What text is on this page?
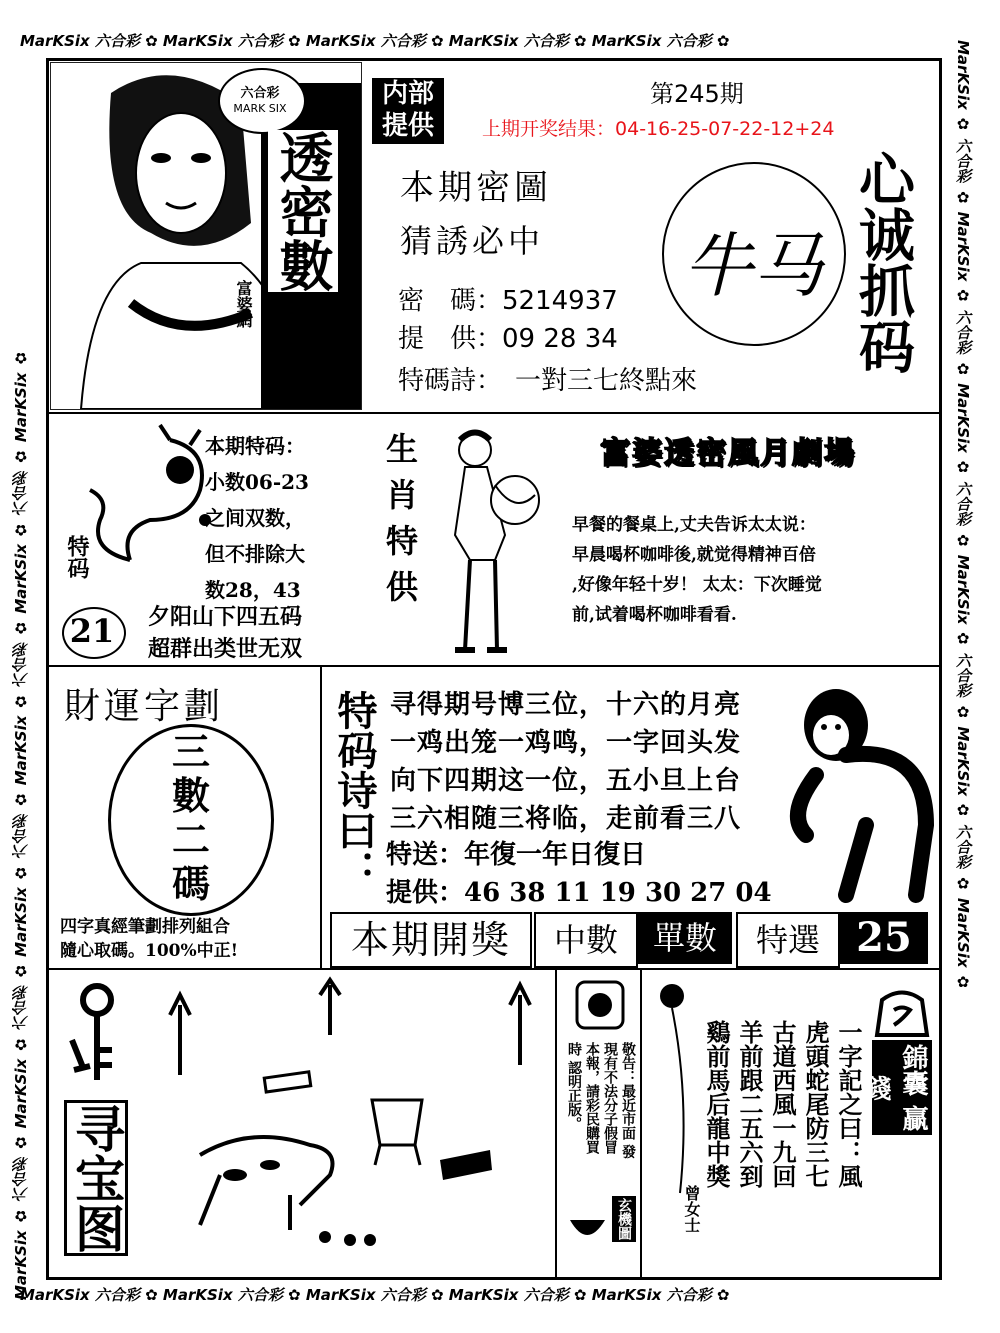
MarKSix 六合彩 ✿ MarKSix 六合彩 ✿ MarKSix 六合彩 ✿ MarKSix 六合彩 ✿ MarKSix 六合彩 ✿
MarKSix 六合彩 ✿ MarKSix 六合彩 ✿ MarKSix 六合彩 ✿ MarKSix 六合彩 ✿ MarKSix 六合彩 ✿
MarKSix ✿ 六合彩 ✿ MarKSix ✿ 六合彩 ✿ MarKSix ✿ 六合彩 ✿ MarKSix ✿ 六合彩 ✿ MarKSix ✿ 六合彩 ✿ MarKSix ✿	MarKSix ✿ 六合彩 ✿ MarKSix ✿ 六合彩 ✿ MarKSix ✿ 六合彩 ✿ MarKSix ✿ 六合彩 ✿ MarKSix ✿ 六合彩 ✿ MarKSix ✿
六合彩
MARK SIX
透密數
富婆網
内部
提供
第245期
上期开奖结果：04-16-25-07-22-12+24
本期密圖
猜誘必中
密　碼：5214937
提　供：09 28 34
特碼詩：　 一對三七終點來
牛马 心诚抓码
特码
21
本期特码：
小数06-23
之间双数，
但不排除大
数28，43
夕阳山下四五码
超群出类世无双
生肖特供	富婆透密風月劇場
早餐的餐桌上,丈夫告诉太太说：
早晨喝杯咖啡後,就觉得精神百倍
,好像年轻十岁！ 太太：下次睡觉
前,试着喝杯咖啡看看.
財運字劃
三
數
二
碼
四字真經筆劃排列組合
隨心取碼。100%中正!
特码诗曰： 寻得期号博三位，十六的月亮
一鸡出笼一鸡鸣，一字回头发
向下四期这一位，五小旦上台
三六相随三将临，走前看三八
特送：年復一年日復日
提供：46 38 11 19 30 27 04
本期開獎	中數	單數	特選 25
寻宝图
敬告：最近市面 發現有不法分子假冒 本報，請彩民購買時 認明正版。
玄機圖
一字記之曰：風
虎頭蛇尾防三七
古道西風一九回
羊前跟二五六到
鷄前馬后龍中獎
曾女士
錦囊 贏錢
